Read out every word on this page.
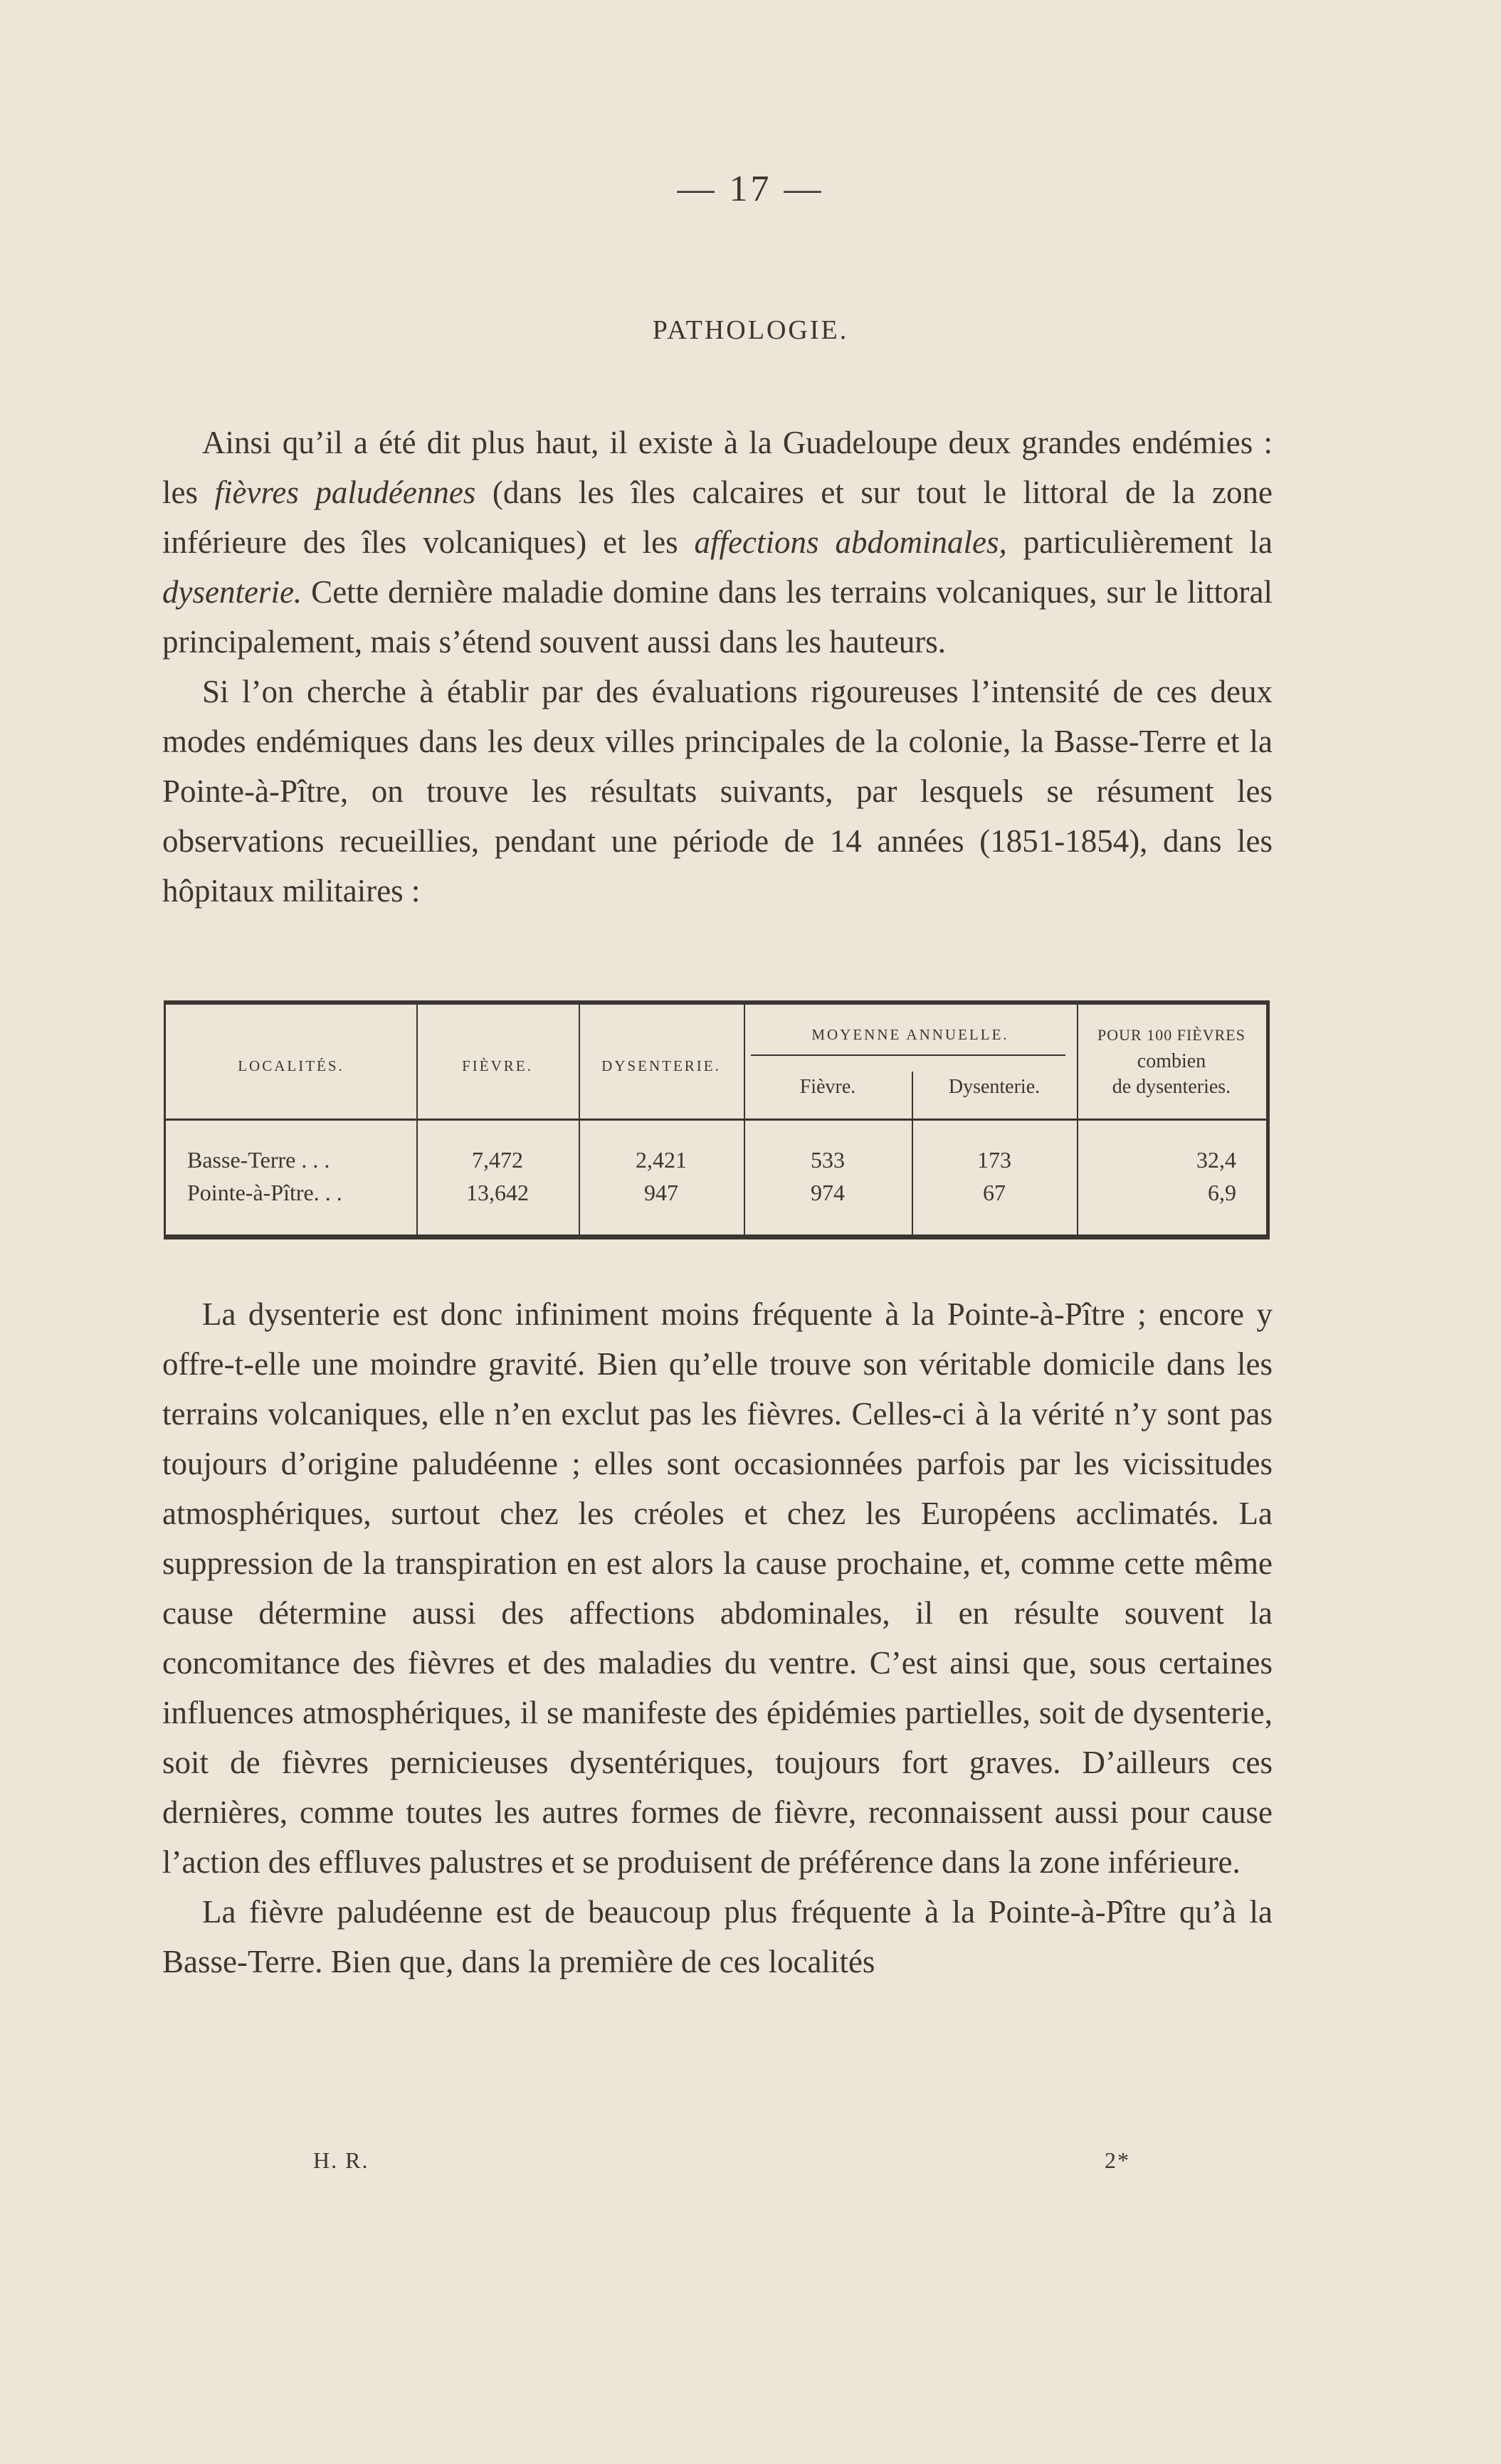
— 17 —
PATHOLOGIE.

Ainsi qu’il a été dit plus haut, il existe à la Guadeloupe deux grandes endémies : les fièvres paludéennes (dans les îles calcaires et sur tout le littoral de la zone inférieure des îles volcaniques) et les affections abdominales, particulièrement la dysenterie. Cette dernière maladie domine dans les terrains volcaniques, sur le littoral principalement, mais s’étend souvent aussi dans les hauteurs.

Si l’on cherche à établir par des évaluations rigoureuses l’intensité de ces deux modes endémiques dans les deux villes principales de la colonie, la Basse-Terre et la Pointe-à-Pître, on trouve les résultats suivants, par lesquels se résument les observations recueillies, pendant une période de 14 années (1851-1854), dans les hôpitaux militaires :

LOCALITÉS.	FIÈVRE.	DYSENTERIE.
MOYENNE ANNUELLE.
Fièvre.	Dysenterie.
POUR 100 FIÈVRES
combien
de dysenteries.
Basse-Terre . . .	7,472	2,421	533	173	32,4
Pointe-à-Pître. . .	13,642	947	974	67	6,9

La dysenterie est donc infiniment moins fréquente à la Pointe-à-Pître ; encore y offre-t-elle une moindre gravité. Bien qu’elle trouve son véritable domicile dans les terrains volcaniques, elle n’en exclut pas les fièvres. Celles-ci à la vérité n’y sont pas toujours d’origine paludéenne ; elles sont occasionnées parfois par les vicissitudes atmosphériques, surtout chez les créoles et chez les Européens acclimatés. La suppression de la transpiration en est alors la cause prochaine, et, comme cette même cause détermine aussi des affections abdominales, il en résulte souvent la concomitance des fièvres et des maladies du ventre. C’est ainsi que, sous certaines influences atmosphériques, il se manifeste des épidémies partielles, soit de dysenterie, soit de fièvres pernicieuses dysentériques, toujours fort graves. D’ailleurs ces dernières, comme toutes les autres formes de fièvre, reconnaissent aussi pour cause l’action des effluves palustres et se produisent de préférence dans la zone inférieure.

La fièvre paludéenne est de beaucoup plus fréquente à la Pointe-à-Pître qu’à la Basse-Terre. Bien que, dans la première de ces localités

H. R.	2*
